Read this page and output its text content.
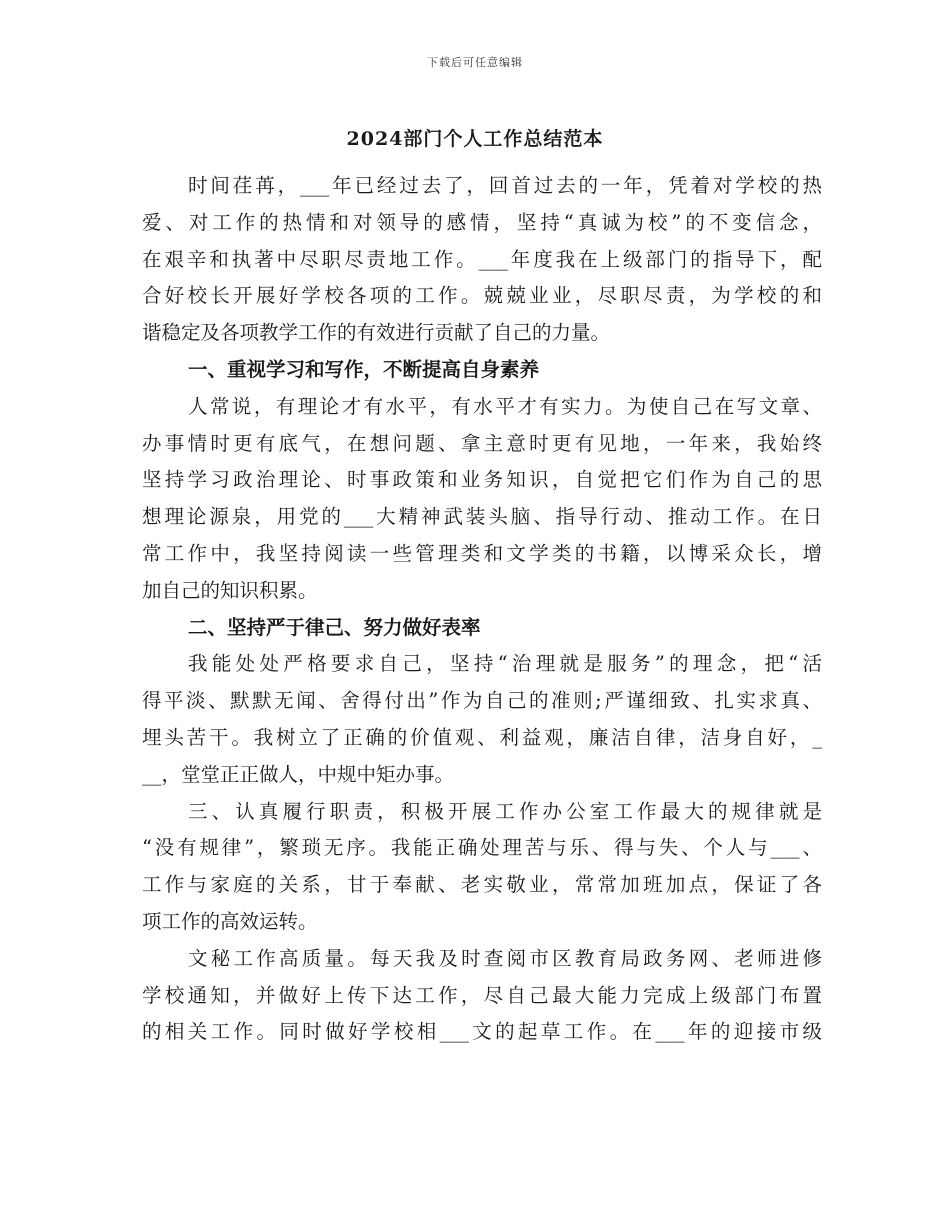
下载后可任意编辑
2024部门个人工作总结范本
时间荏苒，___年已经过去了，回首过去的一年，凭着对学校的热
爱、对工作的热情和对领导的感情，坚持“真诚为校”的不变信念，
在艰辛和执著中尽职尽责地工作。___年度我在上级部门的指导下，配
合好校长开展好学校各项的工作。兢兢业业，尽职尽责，为学校的和
谐稳定及各项教学工作的有效进行贡献了自己的力量。
一、重视学习和写作，不断提高自身素养
人常说，有理论才有水平，有水平才有实力。为使自己在写文章、
办事情时更有底气，在想问题、拿主意时更有见地，一年来，我始终
坚持学习政治理论、时事政策和业务知识，自觉把它们作为自己的思
想理论源泉，用党的___大精神武装头脑、指导行动、推动工作。在日
常工作中，我坚持阅读一些管理类和文学类的书籍，以博采众长，增
加自己的知识积累。
二、坚持严于律己、努力做好表率
我能处处严格要求自己，坚持“治理就是服务”的理念，把“活
得平淡、默默无闻、舍得付出”作为自己的准则;严谨细致、扎实求真、
埋头苦干。我树立了正确的价值观、利益观，廉洁自律，洁身自好，_
__，堂堂正正做人，中规中矩办事。
三、认真履行职责，积极开展工作办公室工作最大的规律就是
“没有规律”，繁琐无序。我能正确处理苦与乐、得与失、个人与___、
工作与家庭的关系，甘于奉献、老实敬业，常常加班加点，保证了各
项工作的高效运转。
文秘工作高质量。每天我及时查阅市区教育局政务网、老师进修
学校通知，并做好上传下达工作，尽自己最大能力完成上级部门布置
的相关工作。同时做好学校相___文的起草工作。在___年的迎接市级
